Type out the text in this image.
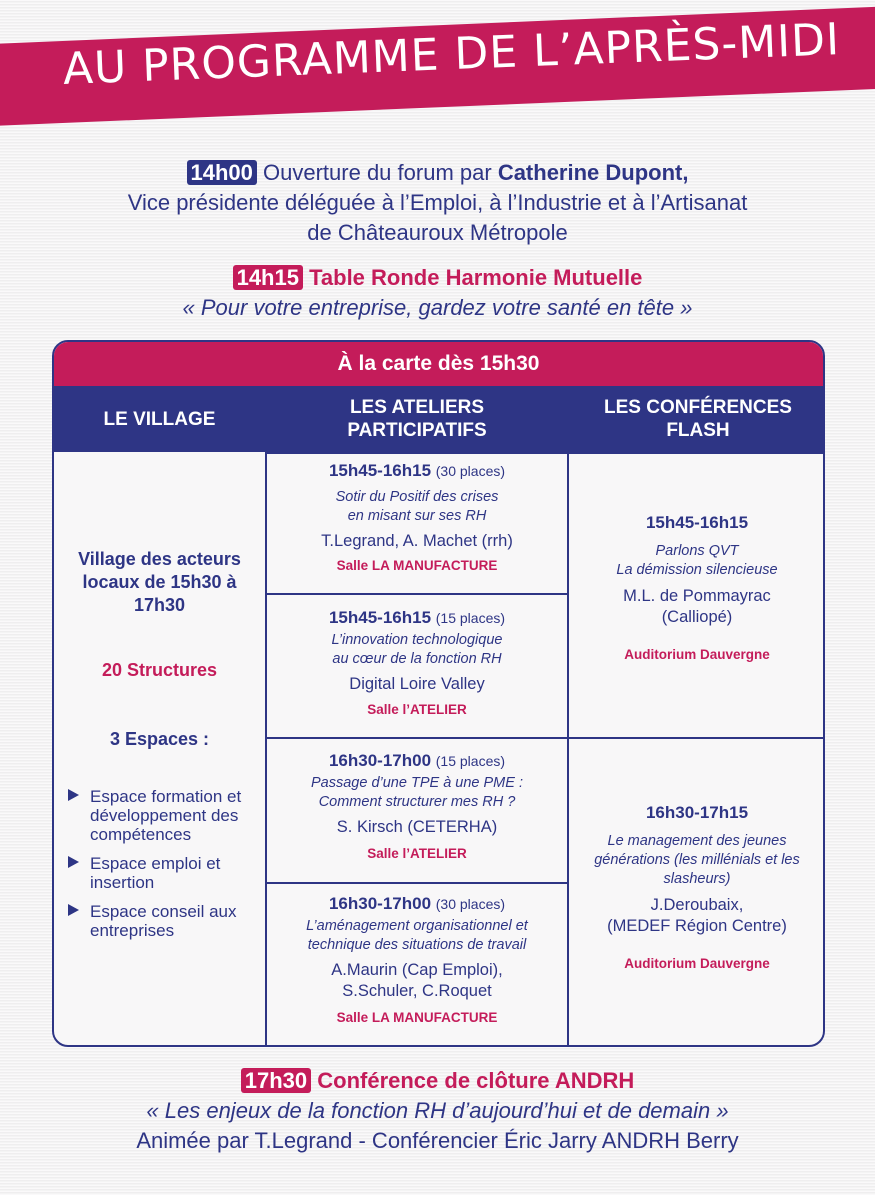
AU PROGRAMME DE L’APRÈS-MIDI
14h00 Ouverture du forum par Catherine Dupont,
Vice présidente déléguée à l’Emploi, à l’Industrie et à l’Artisanat
de Châteauroux Métropole
14h15 Table Ronde Harmonie Mutuelle
« Pour votre entreprise, gardez votre santé en tête »
À la carte dès 15h30
LE VILLAGE
LES ATELIERS PARTICIPATIFS
LES CONFÉRENCES FLASH
Village des acteurs locaux de 15h30 à 17h30
20 Structures
3 Espaces :
Espace formation et développement des compétences
Espace emploi et insertion
Espace conseil aux entreprises
15h45-16h15 (30 places)
Sotir du Positif des crises en misant sur ses RH
T.Legrand, A. Machet (rrh)
Salle LA MANUFACTURE
15h45-16h15 (15 places)
L’innovation technologique au cœur de la fonction RH
Digital Loire Valley
Salle l’ATELIER
16h30-17h00 (15 places)
Passage d’une TPE à une PME : Comment structurer mes RH ?
S. Kirsch (CETERHA)
Salle l’ATELIER
16h30-17h00 (30 places)
L’aménagement organisationnel et technique des situations de travail
A.Maurin (Cap Emploi), S.Schuler, C.Roquet
Salle LA MANUFACTURE
15h45-16h15
Parlons QVT
La démission silencieuse
M.L. de Pommayrac
(Calliopé)
Auditorium Dauvergne
16h30-17h15
Le management des jeunes générations (les millénials et les slasheurs)
J.Deroubaix,
(MEDEF Région Centre)
Auditorium Dauvergne
17h30 Conférence de clôture ANDRH
« Les enjeux de la fonction RH d’aujourd’hui et de demain »
Animée par T.Legrand - Conférencier Éric Jarry ANDRH Berry
